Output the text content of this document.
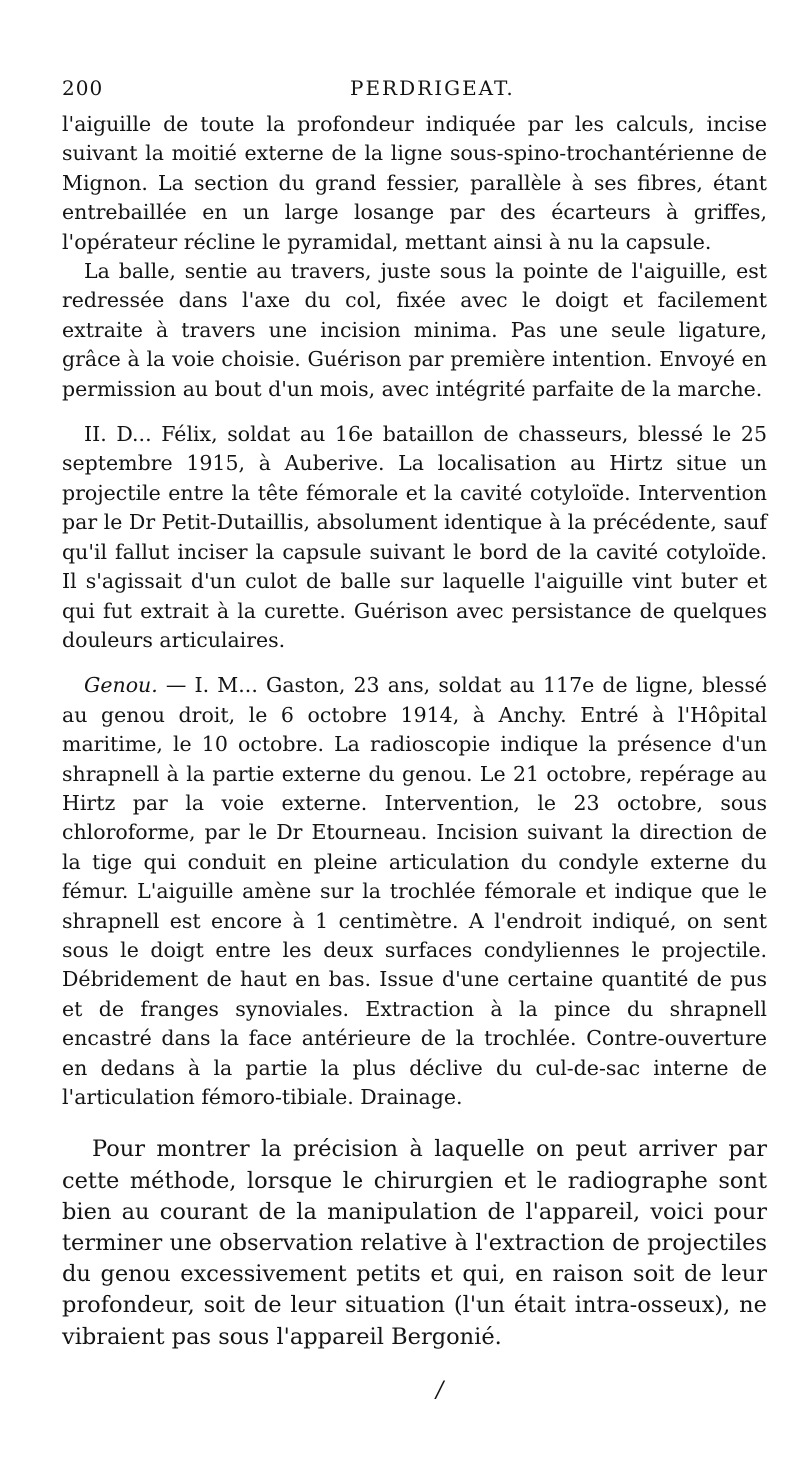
200	PERDRIGEAT.

l'aiguille de toute la profondeur indiquée par les calculs, incise suivant la moitié externe de la ligne sous-spino-trochantérienne de Mignon. La section du grand fessier, parallèle à ses fibres, étant entrebaillée en un large losange par des écarteurs à griffes, l'opérateur récline le pyramidal, mettant ainsi à nu la capsule.

La balle, sentie au travers, juste sous la pointe de l'aiguille, est redressée dans l'axe du col, fixée avec le doigt et facilement extraite à travers une incision minima. Pas une seule ligature, grâce à la voie choisie. Guérison par première intention. Envoyé en permission au bout d'un mois, avec intégrité parfaite de la marche.

II. D... Félix, soldat au 16e bataillon de chasseurs, blessé le 25 septembre 1915, à Auberive. La localisation au Hirtz situe un projectile entre la tête fémorale et la cavité cotyloïde. Intervention par le Dr Petit-Dutaillis, absolument identique à la précédente, sauf qu'il fallut inciser la capsule suivant le bord de la cavité cotyloïde. Il s'agissait d'un culot de balle sur laquelle l'aiguille vint buter et qui fut extrait à la curette. Guérison avec persistance de quelques douleurs articulaires.

Genou. — I. M... Gaston, 23 ans, soldat au 117e de ligne, blessé au genou droit, le 6 octobre 1914, à Anchy. Entré à l'Hôpital maritime, le 10 octobre. La radioscopie indique la présence d'un shrapnell à la partie externe du genou. Le 21 octobre, repérage au Hirtz par la voie externe. Intervention, le 23 octobre, sous chloroforme, par le Dr Etourneau. Incision suivant la direction de la tige qui conduit en pleine articulation du condyle externe du fémur. L'aiguille amène sur la trochlée fémorale et indique que le shrapnell est encore à 1 centimètre. A l'endroit indiqué, on sent sous le doigt entre les deux surfaces condyliennes le projectile. Débridement de haut en bas. Issue d'une certaine quantité de pus et de franges synoviales. Extraction à la pince du shrapnell encastré dans la face antérieure de la trochlée. Contre-ouverture en dedans à la partie la plus déclive du cul-de-sac interne de l'articulation fémoro-tibiale. Drainage.

Pour montrer la précision à laquelle on peut arriver par cette méthode, lorsque le chirurgien et le radiographe sont bien au courant de la manipulation de l'appareil, voici pour terminer une observation relative à l'extraction de projectiles du genou excessivement petits et qui, en raison soit de leur profondeur, soit de leur situation (l'un était intra-osseux), ne vibraient pas sous l'appareil Bergonié.

/
